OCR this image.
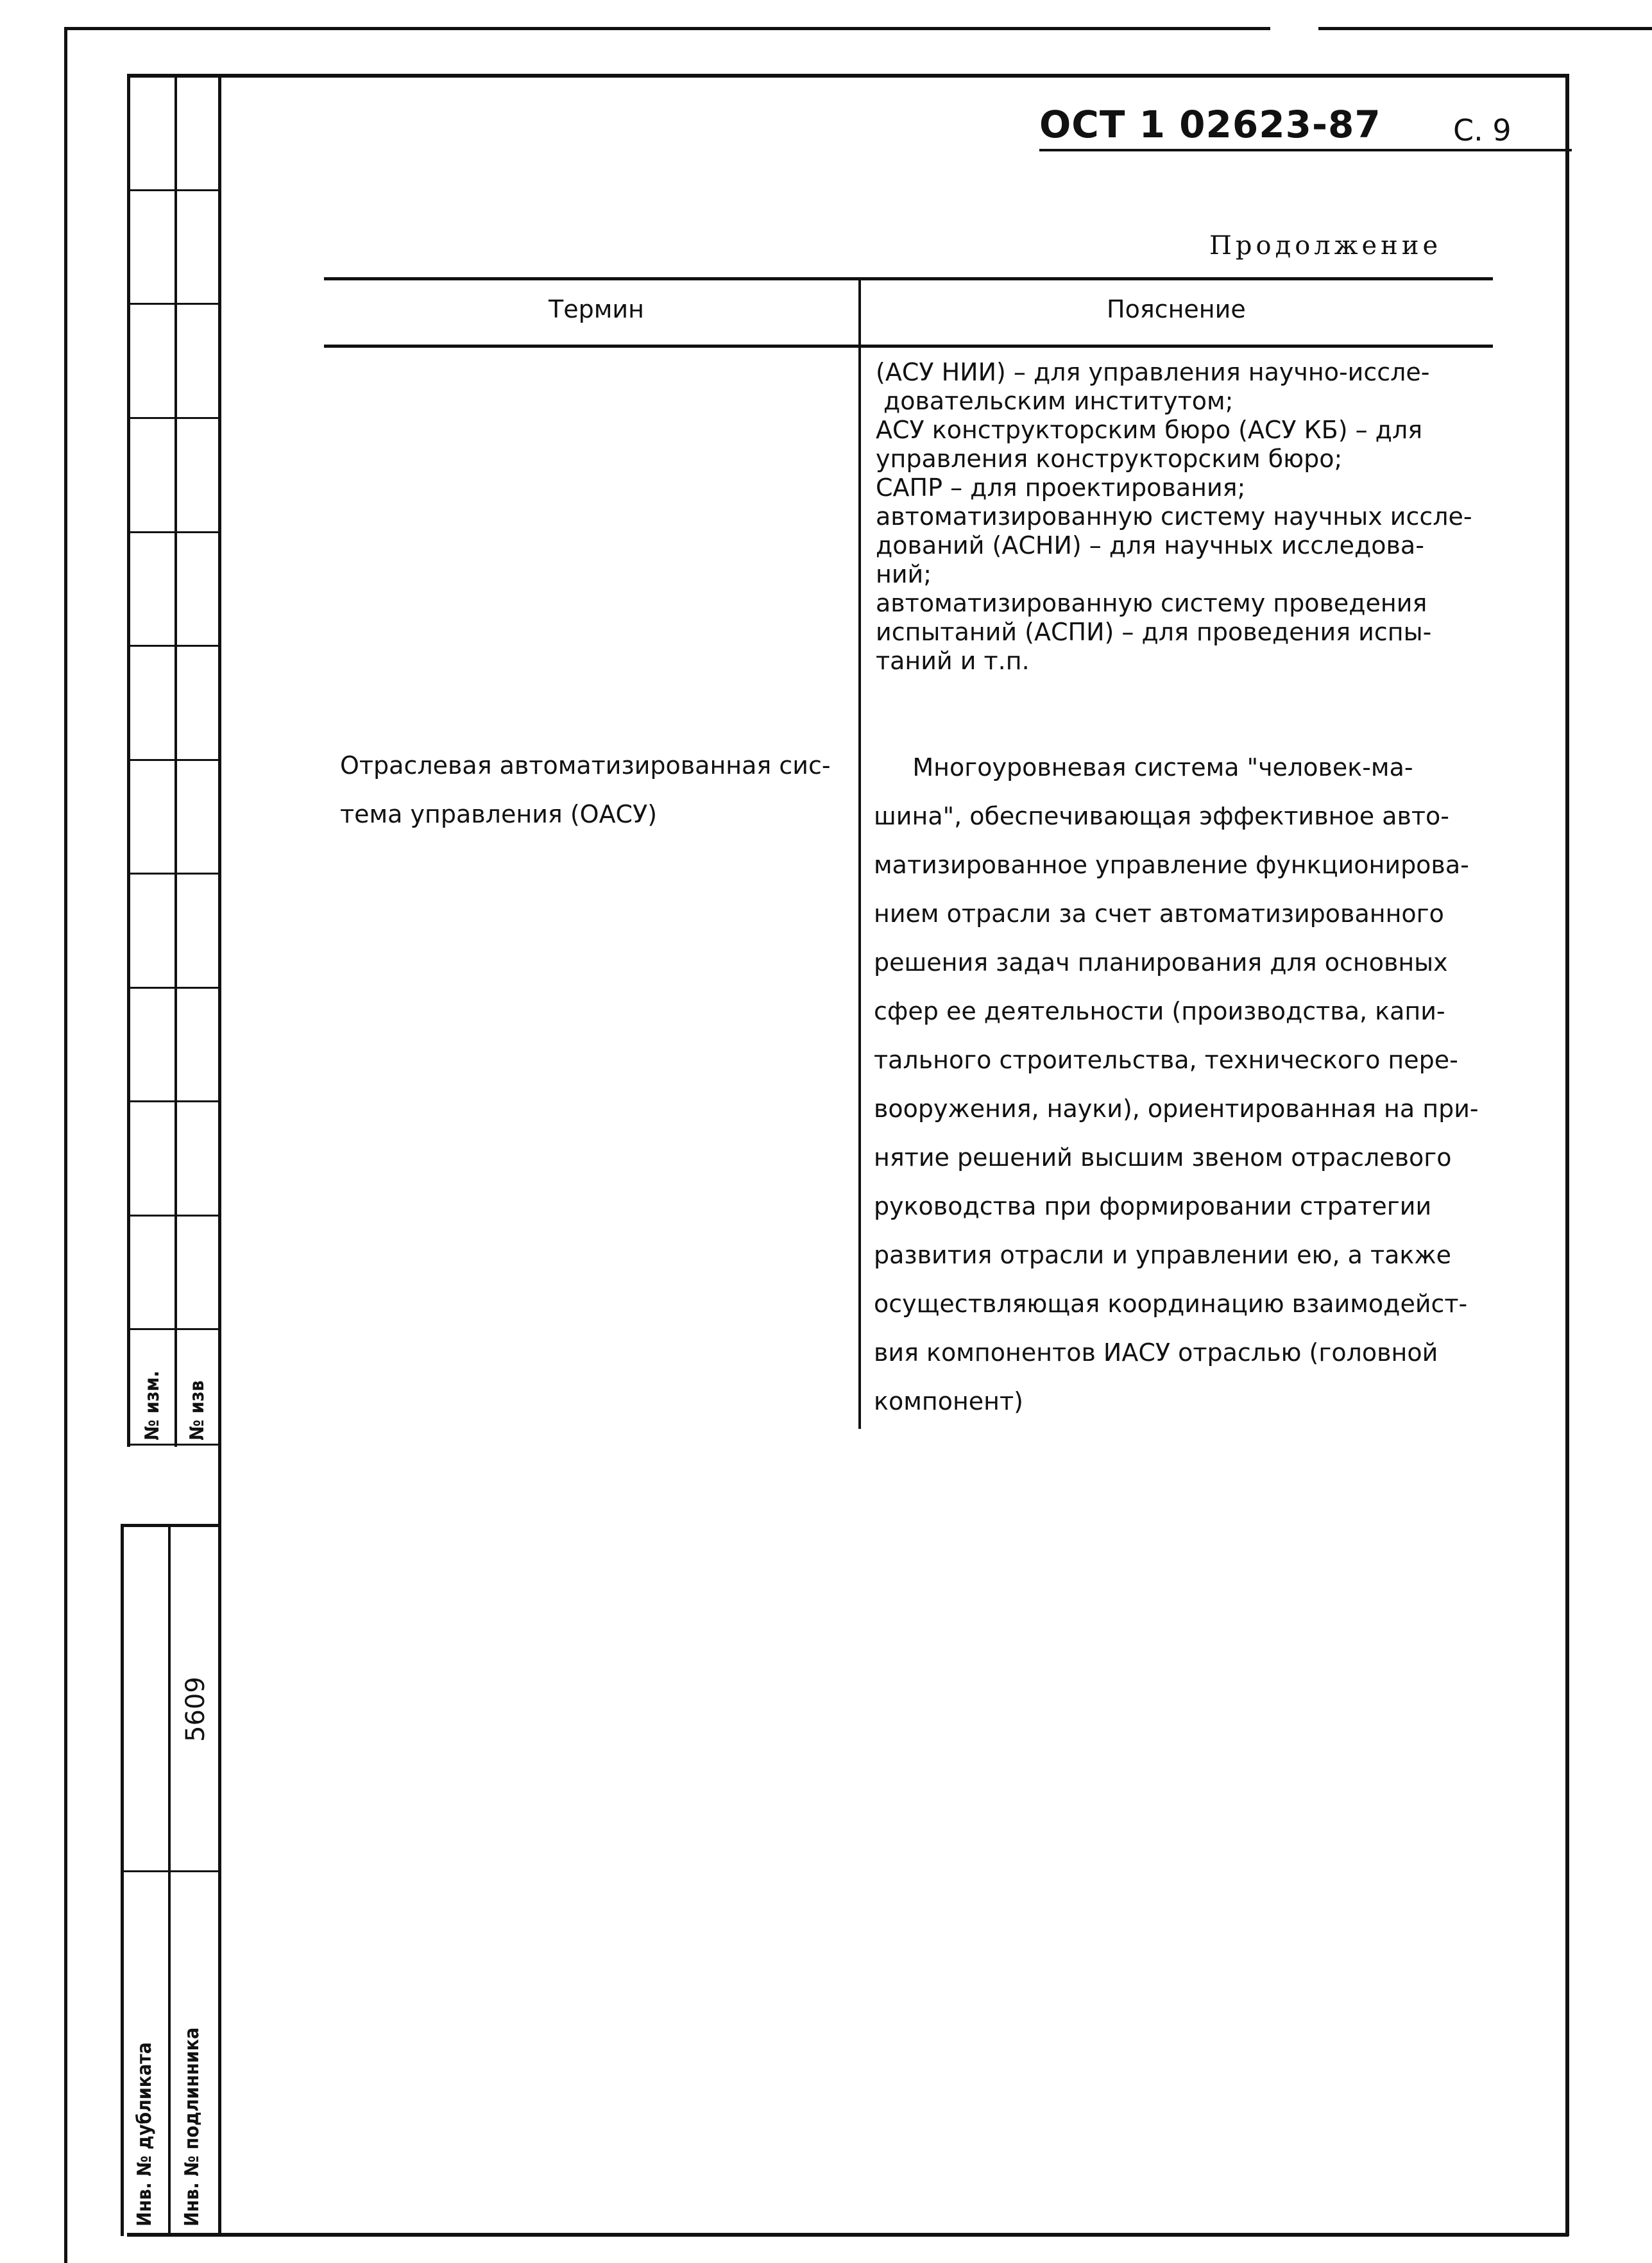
№ изм. № изв
5609
Инв. № дубликата Инв. № подлинника
ОСТ 1 02623-87 С. 9
Продолжение
Термин	Пояснение

(АСУ НИИ) – для управления научно-иссле-

дoвательским институтом;

АСУ конструкторским бюро (АСУ КБ) – для

управления конструкторским бюро;

САПР – для проектирования;

автоматизированную систему научных иссле-

дований (АСНИ) – для научных исследова-

ний;

автоматизированную систему проведения

испытаний (АСПИ) – для проведения испы-

таний и т.п.

Отраслевая автоматизированная сис-

тема управления (ОАСУ)

Многоуровневая система "человек-ма-

шина", обеспечивающая эффективное авто-

матизированное управление функционирова-

нием отрасли за счет автоматизированного

решения задач планирования для основных

сфер ее деятельности (производства, капи-

тального строительства, технического пере-

вооружения, науки), ориентированная на при-

нятие решений высшим звеном отраслевого

руководства при формировании стратегии

развития отрасли и управлении ею, а также

осуществляющая координацию взаимодейст-

вия компонентов ИАСУ отраслью (головной

компонент)
